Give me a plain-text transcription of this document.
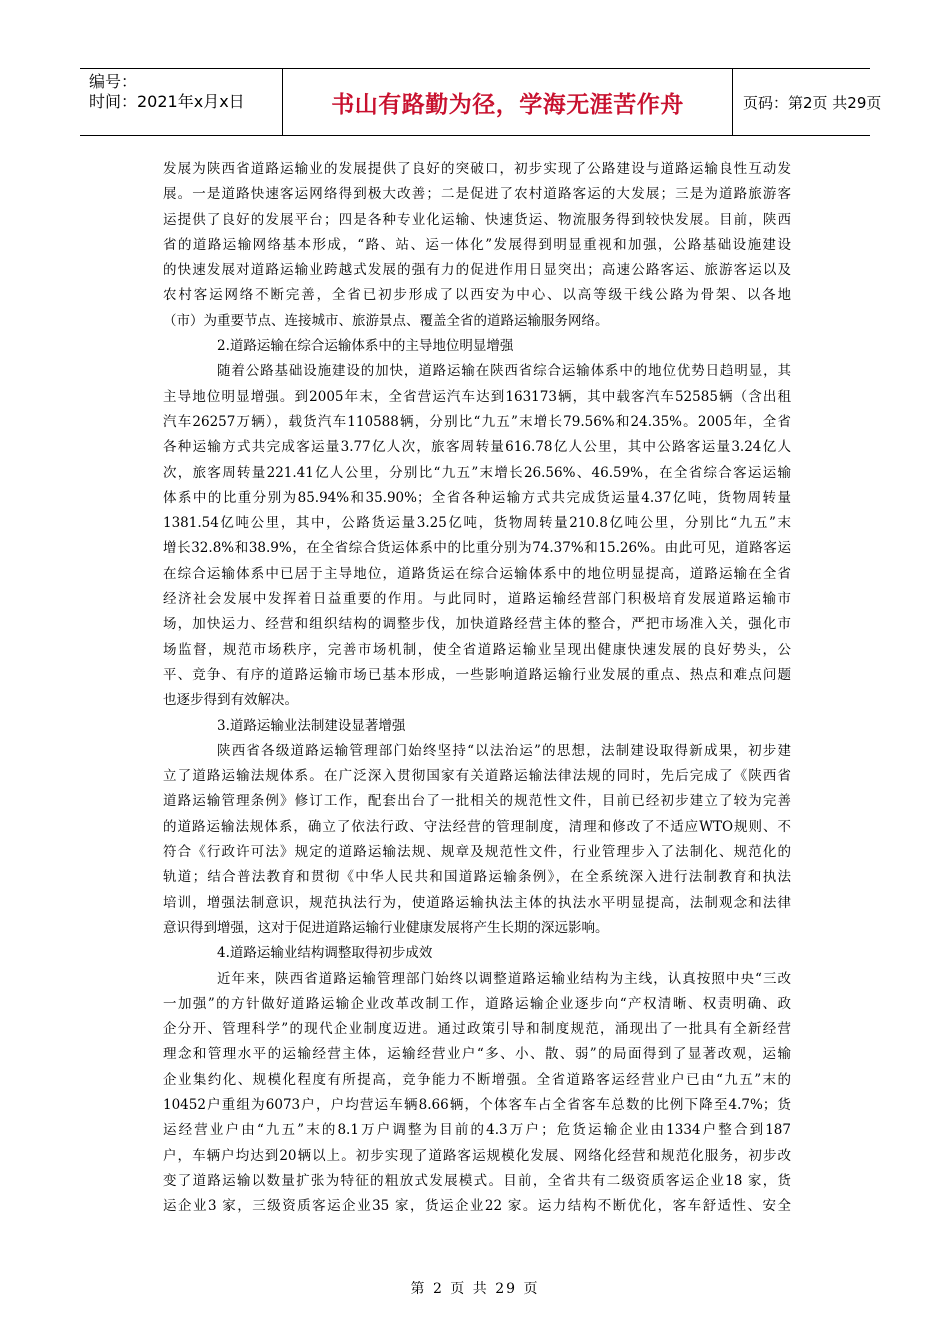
编号：
时间：2021年x月x日	书山有路勤为径，学海无涯苦作舟	页码：第2页 共29页
发展为陕西省道路运输业的发展提供了良好的突破口，初步实现了公路建设与道路运输良性互动发
展。一是道路快速客运网络得到极大改善；二是促进了农村道路客运的大发展；三是为道路旅游客
运提供了良好的发展平台；四是各种专业化运输、快速货运、物流服务得到较快发展。目前，陕西
省的道路运输网络基本形成，“路、站、运一体化”发展得到明显重视和加强，公路基础设施建设
的快速发展对道路运输业跨越式发展的强有力的促进作用日显突出；高速公路客运、旅游客运以及
农村客运网络不断完善，全省已初步形成了以西安为中心、以高等级干线公路为骨架、以各地
（市）为重要节点、连接城市、旅游景点、覆盖全省的道路运输服务网络。
2.道路运输在综合运输体系中的主导地位明显增强
随着公路基础设施建设的加快，道路运输在陕西省综合运输体系中的地位优势日趋明显，其
主导地位明显增强。到2005年末，全省营运汽车达到163173辆，其中载客汽车52585辆（含出租
汽车26257万辆），载货汽车110588辆，分别比“九五”末增长79.56%和24.35%。2005年，全省
各种运输方式共完成客运量3.77亿人次，旅客周转量616.78亿人公里，其中公路客运量3.24亿人
次，旅客周转量221.41亿人公里，分别比“九五”末增长26.56%、46.59%，在全省综合客运运输
体系中的比重分别为85.94%和35.90%；全省各种运输方式共完成货运量4.37亿吨，货物周转量
1381.54亿吨公里，其中，公路货运量3.25亿吨，货物周转量210.8亿吨公里，分别比“九五”末
增长32.8%和38.9%，在全省综合货运体系中的比重分别为74.37%和15.26%。由此可见，道路客运
在综合运输体系中已居于主导地位，道路货运在综合运输体系中的地位明显提高，道路运输在全省
经济社会发展中发挥着日益重要的作用。与此同时，道路运输经营部门积极培育发展道路运输市
场，加快运力、经营和组织结构的调整步伐，加快道路经营主体的整合，严把市场准入关，强化市
场监督，规范市场秩序，完善市场机制，使全省道路运输业呈现出健康快速发展的良好势头，公
平、竞争、有序的道路运输市场已基本形成，一些影响道路运输行业发展的重点、热点和难点问题
也逐步得到有效解决。
3.道路运输业法制建设显著增强
陕西省各级道路运输管理部门始终坚持“以法治运”的思想，法制建设取得新成果，初步建
立了道路运输法规体系。在广泛深入贯彻国家有关道路运输法律法规的同时，先后完成了《陕西省
道路运输管理条例》修订工作，配套出台了一批相关的规范性文件，目前已经初步建立了较为完善
的道路运输法规体系，确立了依法行政、守法经营的管理制度，清理和修改了不适应WTO规则、不
符合《行政许可法》规定的道路运输法规、规章及规范性文件，行业管理步入了法制化、规范化的
轨道；结合普法教育和贯彻《中华人民共和国道路运输条例》，在全系统深入进行法制教育和执法
培训，增强法制意识，规范执法行为，使道路运输执法主体的执法水平明显提高，法制观念和法律
意识得到增强，这对于促进道路运输行业健康发展将产生长期的深远影响。
4.道路运输业结构调整取得初步成效
近年来，陕西省道路运输管理部门始终以调整道路运输业结构为主线，认真按照中央“三改
一加强”的方针做好道路运输企业改革改制工作，道路运输企业逐步向“产权清晰、权责明确、政
企分开、管理科学”的现代企业制度迈进。通过政策引导和制度规范，涌现出了一批具有全新经营
理念和管理水平的运输经营主体，运输经营业户“多、小、散、弱”的局面得到了显著改观，运输
企业集约化、规模化程度有所提高，竞争能力不断增强。全省道路客运经营业户已由“九五”末的
10452户重组为6073户，户均营运车辆8.66辆，个体客车占全省客车总数的比例下降至4.7%；货
运经营业户由“九五”末的8.1万户调整为目前的4.3万户；危货运输企业由1334户整合到187
户，车辆户均达到20辆以上。初步实现了道路客运规模化发展、网络化经营和规范化服务，初步改
变了道路运输以数量扩张为特征的粗放式发展模式。目前，全省共有二级资质客运企业18 家，货
运企业3 家，三级资质客运企业35 家，货运企业22 家。运力结构不断优化，客车舒适性、安全
第 2 页 共 29 页
